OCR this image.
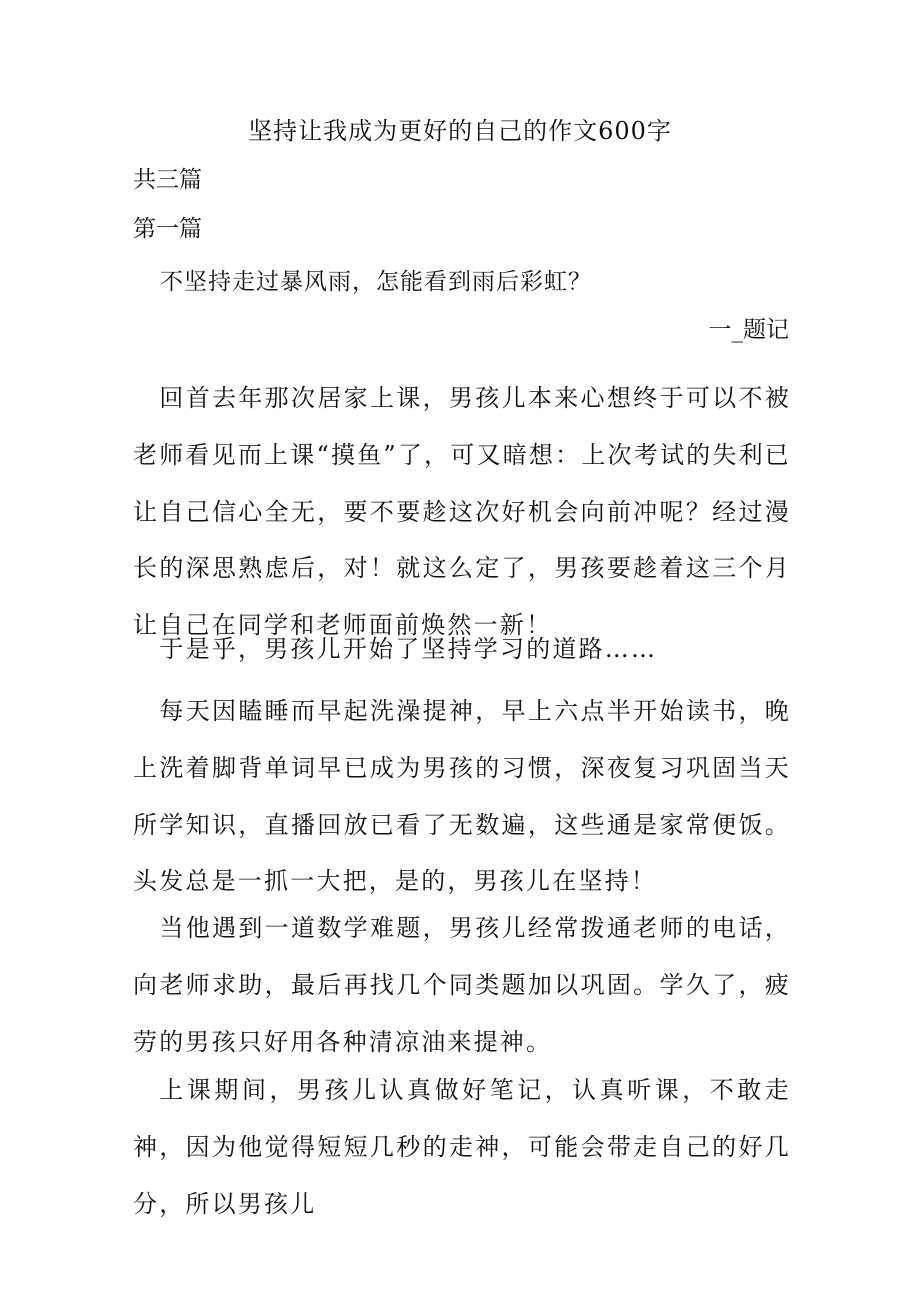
坚持让我成为更好的自己的作文600字

共三篇

第一篇

不坚持走过暴风雨，怎能看到雨后彩虹？

一_题记

回首去年那次居家上课，男孩儿本来心想终于可以不被老师看见而上课“摸鱼”了，可又暗想：上次考试的失利已让自己信心全无，要不要趁这次好机会向前冲呢？经过漫长的深思熟虑后，对！就这么定了，男孩要趁着这三个月让自己在同学和老师面前焕然一新！

于是乎，男孩儿开始了坚持学习的道路……

每天因瞌睡而早起洗澡提神，早上六点半开始读书，晚上洗着脚背单词早已成为男孩的习惯，深夜复习巩固当天所学知识，直播回放已看了无数遍，这些通是家常便饭。头发总是一抓一大把，是的，男孩儿在坚持！

当他遇到一道数学难题，男孩儿经常拨通老师的电话，向老师求助，最后再找几个同类题加以巩固。学久了，疲劳的男孩只好用各种清凉油来提神。

上课期间，男孩儿认真做好笔记，认真听课，不敢走神，因为他觉得短短几秒的走神，可能会带走自己的好几分，所以男孩儿
